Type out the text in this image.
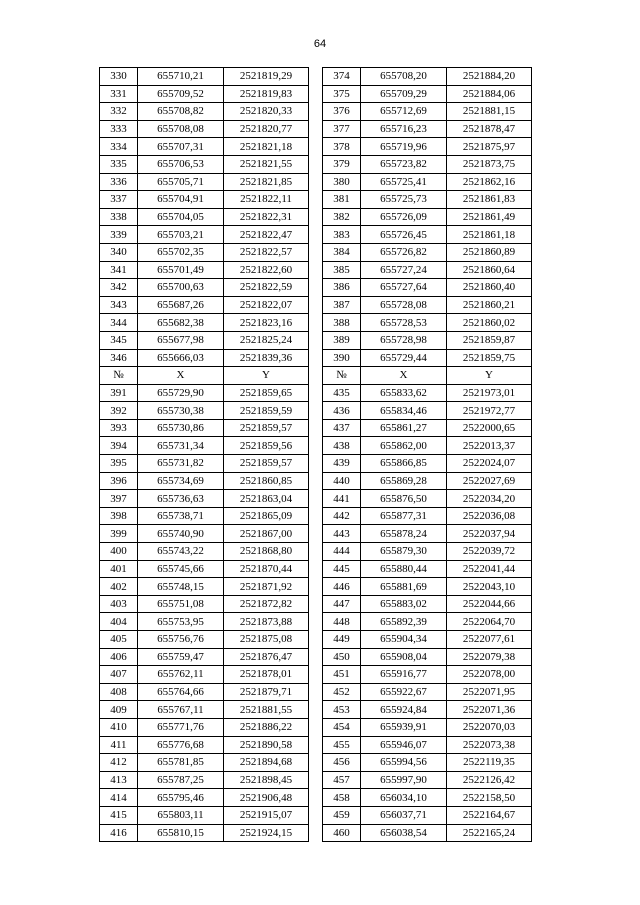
64
330	655710,21	2521819,29		374	655708,20	2521884,20
331	655709,52	2521819,83		375	655709,29	2521884,06
332	655708,82	2521820,33		376	655712,69	2521881,15
333	655708,08	2521820,77		377	655716,23	2521878,47
334	655707,31	2521821,18		378	655719,96	2521875,97
335	655706,53	2521821,55		379	655723,82	2521873,75
336	655705,71	2521821,85		380	655725,41	2521862,16
337	655704,91	2521822,11		381	655725,73	2521861,83
338	655704,05	2521822,31		382	655726,09	2521861,49
339	655703,21	2521822,47		383	655726,45	2521861,18
340	655702,35	2521822,57		384	655726,82	2521860,89
341	655701,49	2521822,60		385	655727,24	2521860,64
342	655700,63	2521822,59		386	655727,64	2521860,40
343	655687,26	2521822,07		387	655728,08	2521860,21
344	655682,38	2521823,16		388	655728,53	2521860,02
345	655677,98	2521825,24		389	655728,98	2521859,87
346	655666,03	2521839,36		390	655729,44	2521859,75
№	X	Y		№	X	Y
391	655729,90	2521859,65		435	655833,62	2521973,01
392	655730,38	2521859,59		436	655834,46	2521972,77
393	655730,86	2521859,57		437	655861,27	2522000,65
394	655731,34	2521859,56		438	655862,00	2522013,37
395	655731,82	2521859,57		439	655866,85	2522024,07
396	655734,69	2521860,85		440	655869,28	2522027,69
397	655736,63	2521863,04		441	655876,50	2522034,20
398	655738,71	2521865,09		442	655877,31	2522036,08
399	655740,90	2521867,00		443	655878,24	2522037,94
400	655743,22	2521868,80		444	655879,30	2522039,72
401	655745,66	2521870,44		445	655880,44	2522041,44
402	655748,15	2521871,92		446	655881,69	2522043,10
403	655751,08	2521872,82		447	655883,02	2522044,66
404	655753,95	2521873,88		448	655892,39	2522064,70
405	655756,76	2521875,08		449	655904,34	2522077,61
406	655759,47	2521876,47		450	655908,04	2522079,38
407	655762,11	2521878,01		451	655916,77	2522078,00
408	655764,66	2521879,71		452	655922,67	2522071,95
409	655767,11	2521881,55		453	655924,84	2522071,36
410	655771,76	2521886,22		454	655939,91	2522070,03
411	655776,68	2521890,58		455	655946,07	2522073,38
412	655781,85	2521894,68		456	655994,56	2522119,35
413	655787,25	2521898,45		457	655997,90	2522126,42
414	655795,46	2521906,48		458	656034,10	2522158,50
415	655803,11	2521915,07		459	656037,71	2522164,67
416	655810,15	2521924,15		460	656038,54	2522165,24
